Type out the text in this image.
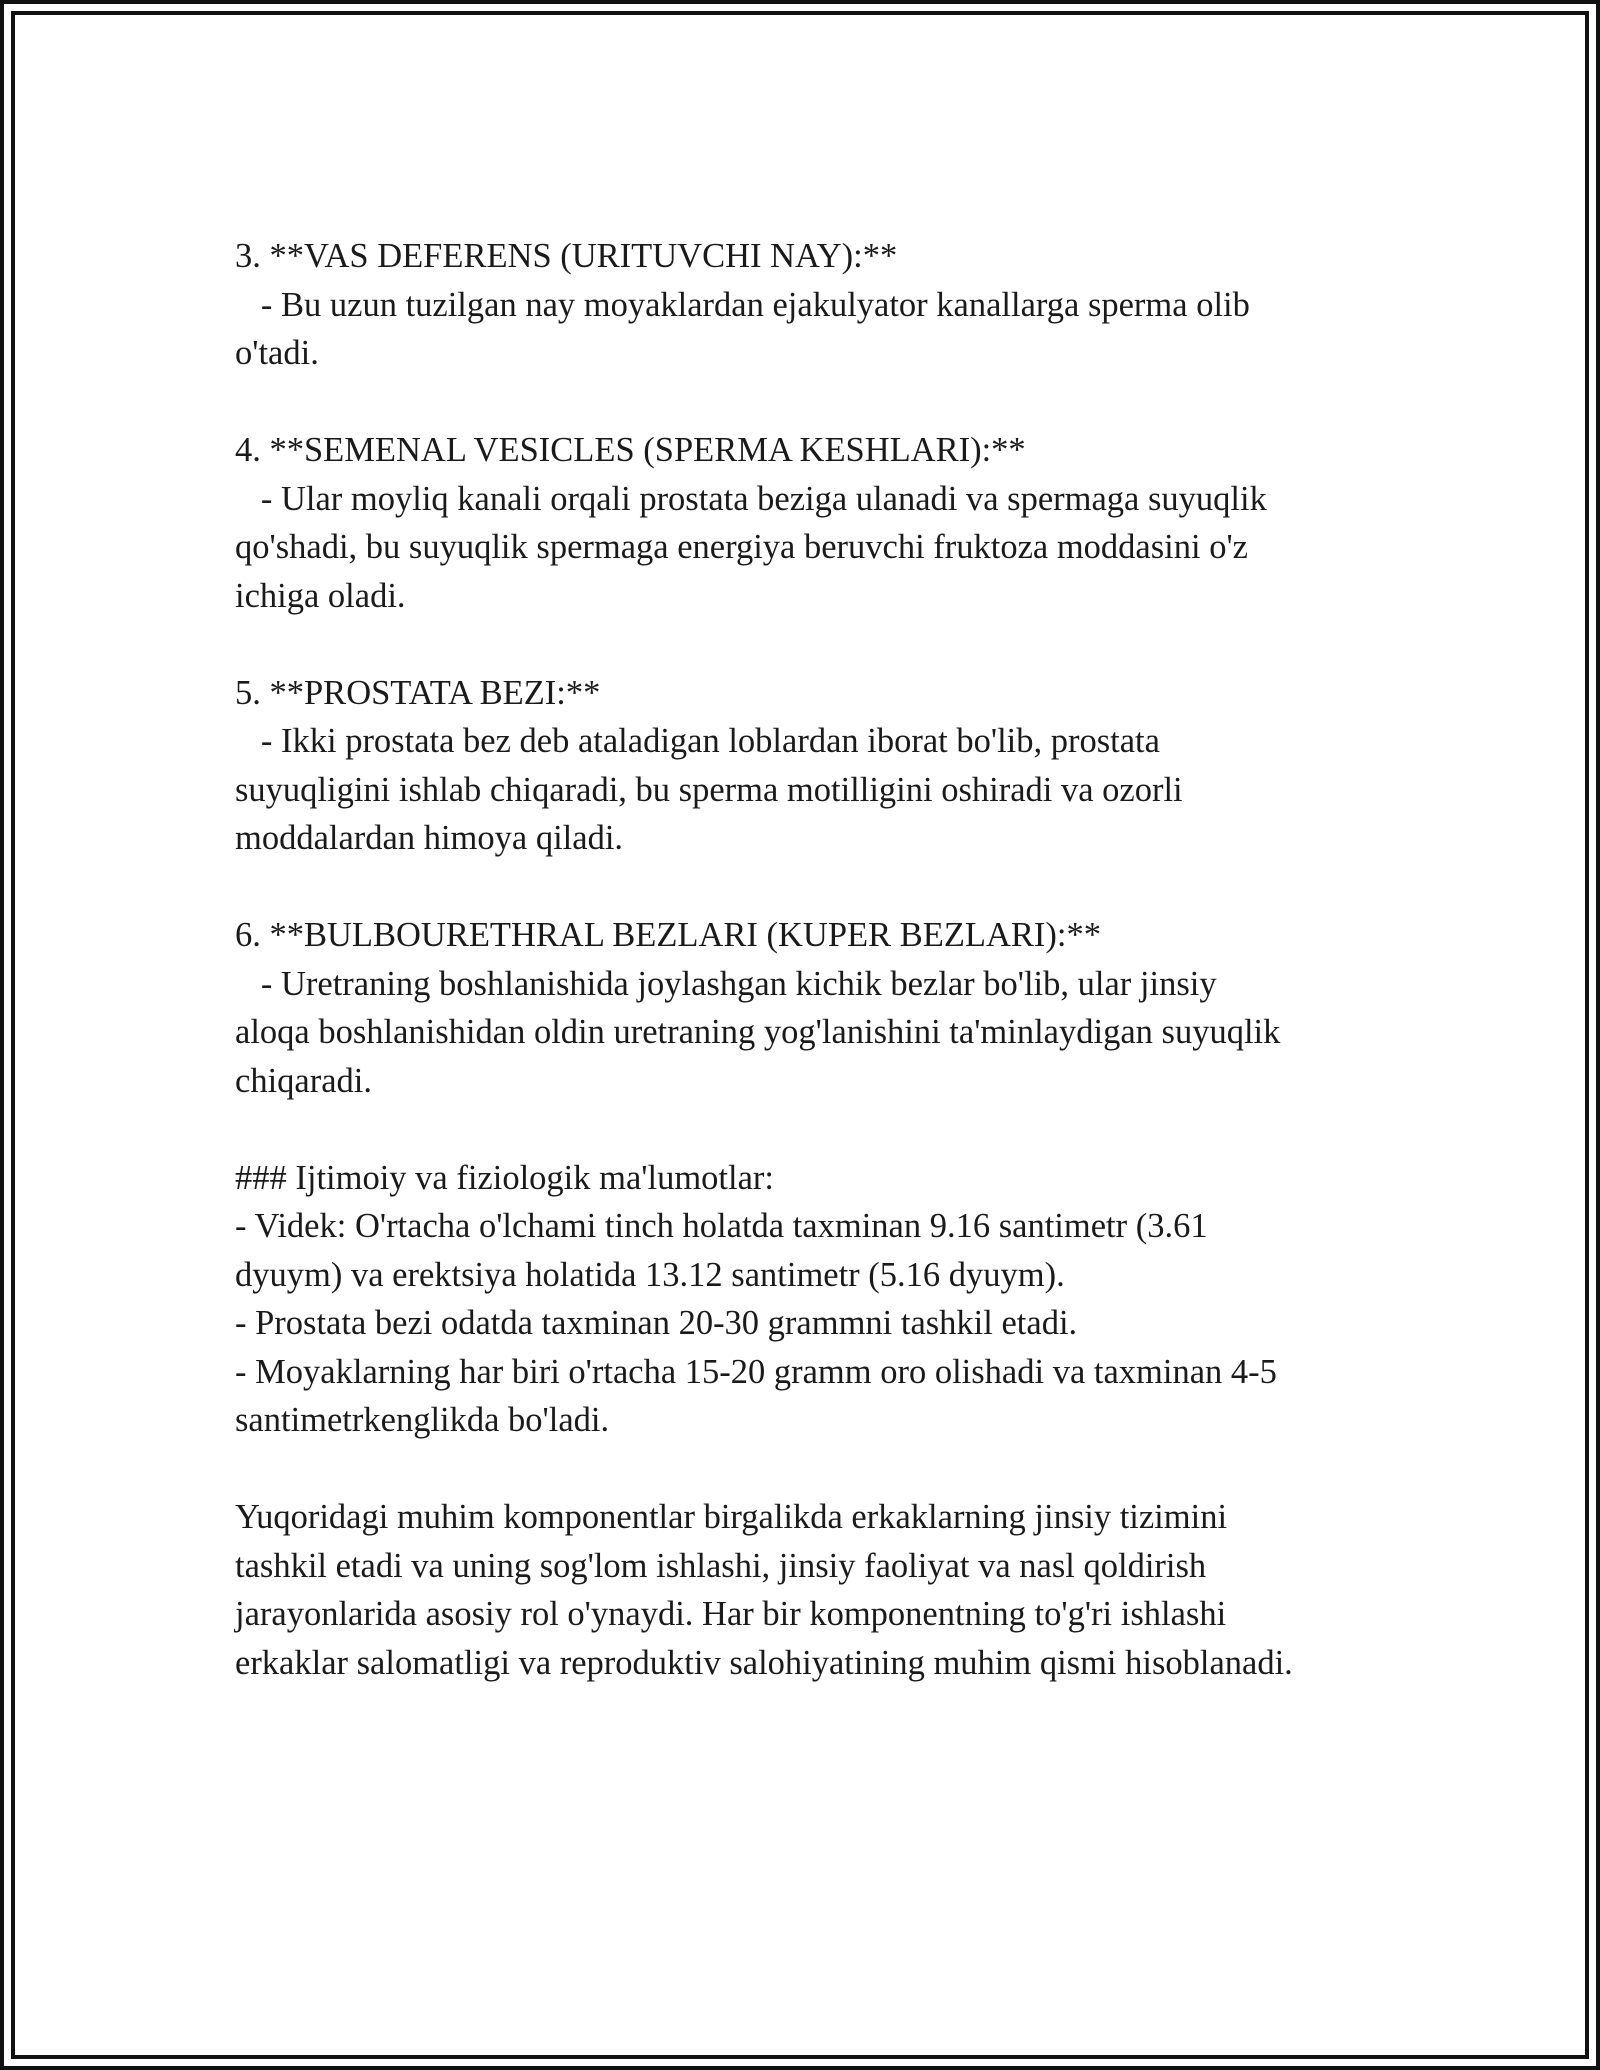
3. **VAS DEFERENS (URITUVCHI NAY):**

- Bu uzun tuzilgan nay moyaklardan ejakulyator kanallarga sperma olib

o'tadi.

4. **SEMENAL VESICLES (SPERMA KESHLARI):**

- Ular moyliq kanali orqali prostata beziga ulanadi va spermaga suyuqlik

qo'shadi, bu suyuqlik spermaga energiya beruvchi fruktoza moddasini o'z

ichiga oladi.

5. **PROSTATA BEZI:**

- Ikki prostata bez deb ataladigan loblardan iborat bo'lib, prostata

suyuqligini ishlab chiqaradi, bu sperma motilligini oshiradi va ozorli

moddalardan himoya qiladi.

6. **BULBOURETHRAL BEZLARI (KUPER BEZLARI):**

- Uretraning boshlanishida joylashgan kichik bezlar bo'lib, ular jinsiy

aloqa boshlanishidan oldin uretraning yog'lanishini ta'minlaydigan suyuqlik

chiqaradi.

### Ijtimoiy va fiziologik ma'lumotlar:

- Videk: O'rtacha o'lchami tinch holatda taxminan 9.16 santimetr (3.61

dyuym) va erektsiya holatida 13.12 santimetr (5.16 dyuym).

- Prostata bezi odatda taxminan 20-30 grammni tashkil etadi.

- Moyaklarning har biri o'rtacha 15-20 gramm oro olishadi va taxminan 4-5

santimetrkenglikda bo'ladi.

Yuqoridagi muhim komponentlar birgalikda erkaklarning jinsiy tizimini

tashkil etadi va uning sog'lom ishlashi, jinsiy faoliyat va nasl qoldirish

jarayonlarida asosiy rol o'ynaydi. Har bir komponentning to'g'ri ishlashi

erkaklar salomatligi va reproduktiv salohiyatining muhim qismi hisoblanadi.
